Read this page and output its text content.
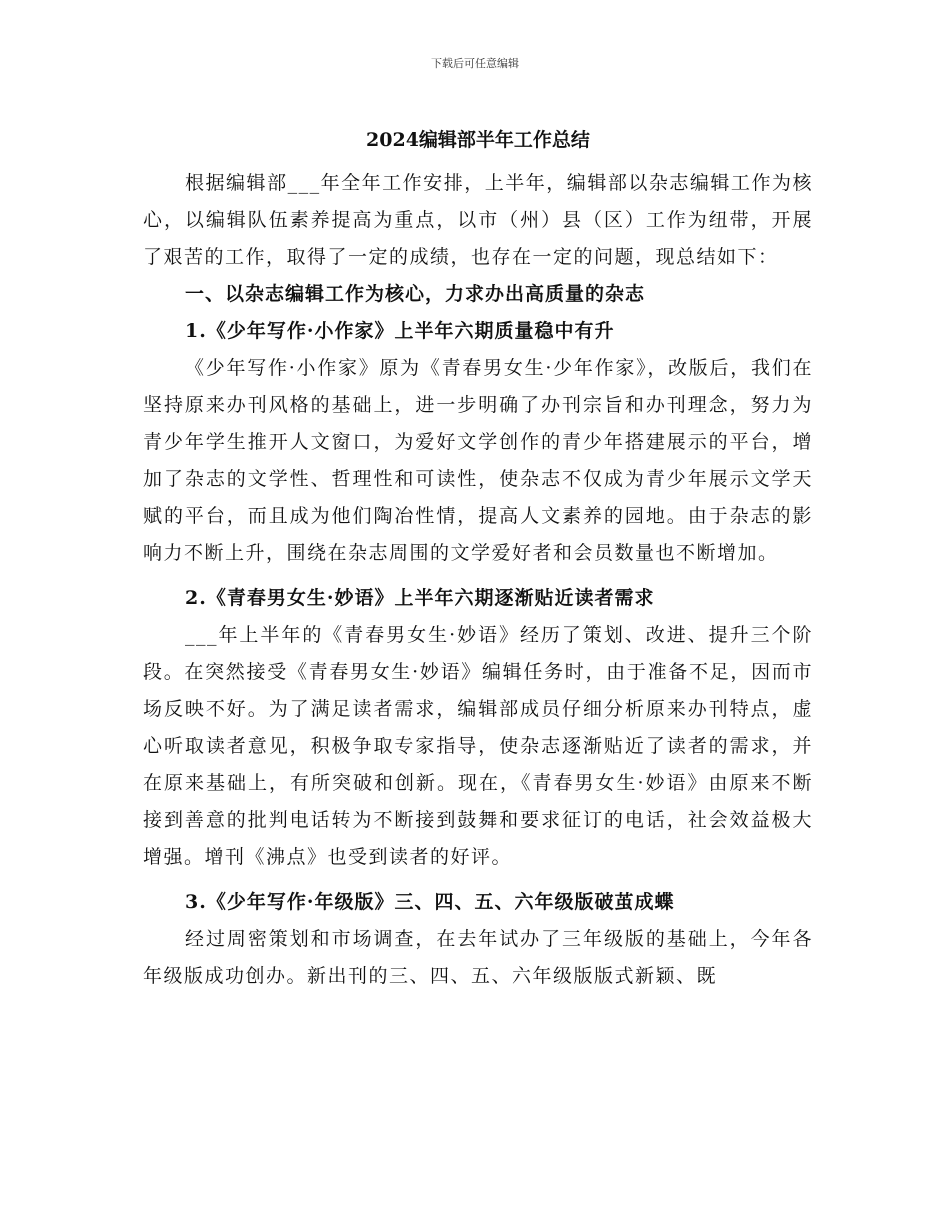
下载后可任意编辑
2024编辑部半年工作总结

根据编辑部___年全年工作安排，上半年，编辑部以杂志编辑工作为核心，以编辑队伍素养提高为重点，以市（州）县（区）工作为纽带，开展了艰苦的工作，取得了一定的成绩，也存在一定的问题，现总结如下：

一、以杂志编辑工作为核心，力求办出高质量的杂志
1.《少年写作·小作家》上半年六期质量稳中有升

《少年写作·小作家》原为《青春男女生·少年作家》，改版后，我们在坚持原来办刊风格的基础上，进一步明确了办刊宗旨和办刊理念，努力为青少年学生推开人文窗口，为爱好文学创作的青少年搭建展示的平台，增加了杂志的文学性、哲理性和可读性，使杂志不仅成为青少年展示文学天赋的平台，而且成为他们陶冶性情，提高人文素养的园地。由于杂志的影响力不断上升，围绕在杂志周围的文学爱好者和会员数量也不断增加。

2.《青春男女生·妙语》上半年六期逐渐贴近读者需求

___年上半年的《青春男女生·妙语》经历了策划、改进、提升三个阶段。在突然接受《青春男女生·妙语》编辑任务时，由于准备不足，因而市场反映不好。为了满足读者需求，编辑部成员仔细分析原来办刊特点，虚心听取读者意见，积极争取专家指导，使杂志逐渐贴近了读者的需求，并在原来基础上，有所突破和创新。现在，《青春男女生·妙语》由原来不断接到善意的批判电话转为不断接到鼓舞和要求征订的电话，社会效益极大增强。增刊《沸点》也受到读者的好评。

3.《少年写作·年级版》三、四、五、六年级版破茧成蝶

经过周密策划和市场调查，在去年试办了三年级版的基础上，今年各年级版成功创办。新出刊的三、四、五、六年级版版式新颖、既
